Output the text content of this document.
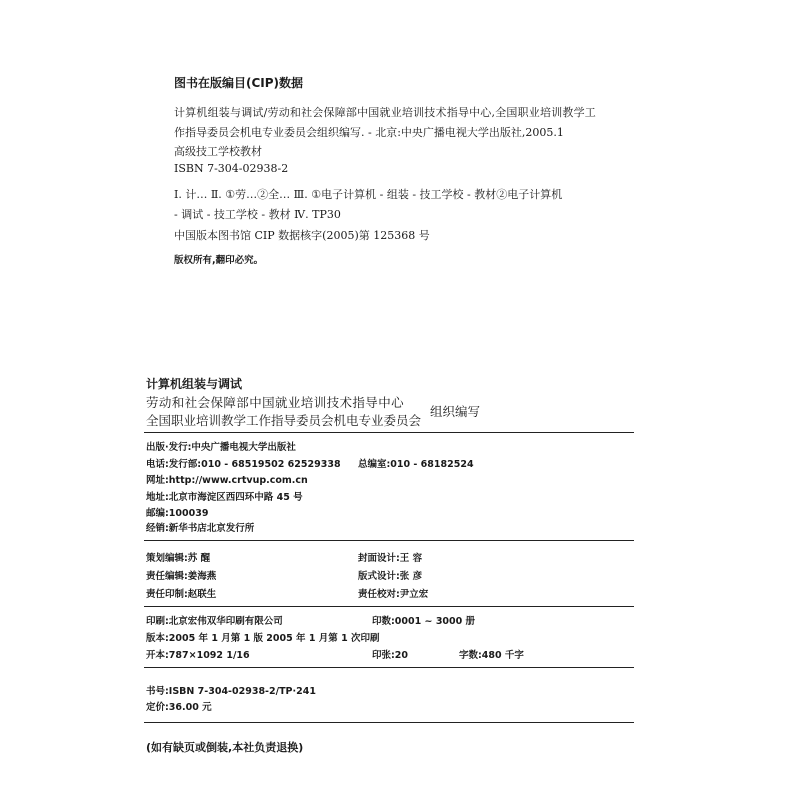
图书在版编目(CIP)数据
计算机组装与调试/劳动和社会保障部中国就业培训技术指导中心,全国职业培训教学工
作指导委员会机电专业委员会组织编写. - 北京:中央广播电视大学出版社,2005.1
高级技工学校教材
ISBN 7-304-02938-2
Ⅰ. 计… Ⅱ. ①劳…②全… Ⅲ. ①电子计算机 - 组装 - 技工学校 - 教材②电子计算机
- 调试 - 技工学校 - 教材 Ⅳ. TP30
中国版本图书馆 CIP 数据核字(2005)第 125368 号
版权所有,翻印必究。
计算机组装与调试
劳动和社会保障部中国就业培训技术指导中心
全国职业培训教学工作指导委员会机电专业委员会
组织编写
出版·发行:中央广播电视大学出版社
电话:发行部:010 - 68519502 62529338 总编室:010 - 68182524
网址:http://www.crtvup.com.cn
地址:北京市海淀区西四环中路 45 号
邮编:100039
经销:新华书店北京发行所
策划编辑:苏 醒	封面设计:王 容
责任编辑:姜海燕	版式设计:张 彦
责任印制:赵联生	责任校对:尹立宏
印刷:北京宏伟双华印刷有限公司	印数:0001 ~ 3000 册
版本:2005 年 1 月第 1 版 2005 年 1 月第 1 次印刷
开本:787×1092 1/16	印张:20	字数:480 千字
书号:ISBN 7-304-02938-2/TP·241
定价:36.00 元
(如有缺页或倒装,本社负责退换)
